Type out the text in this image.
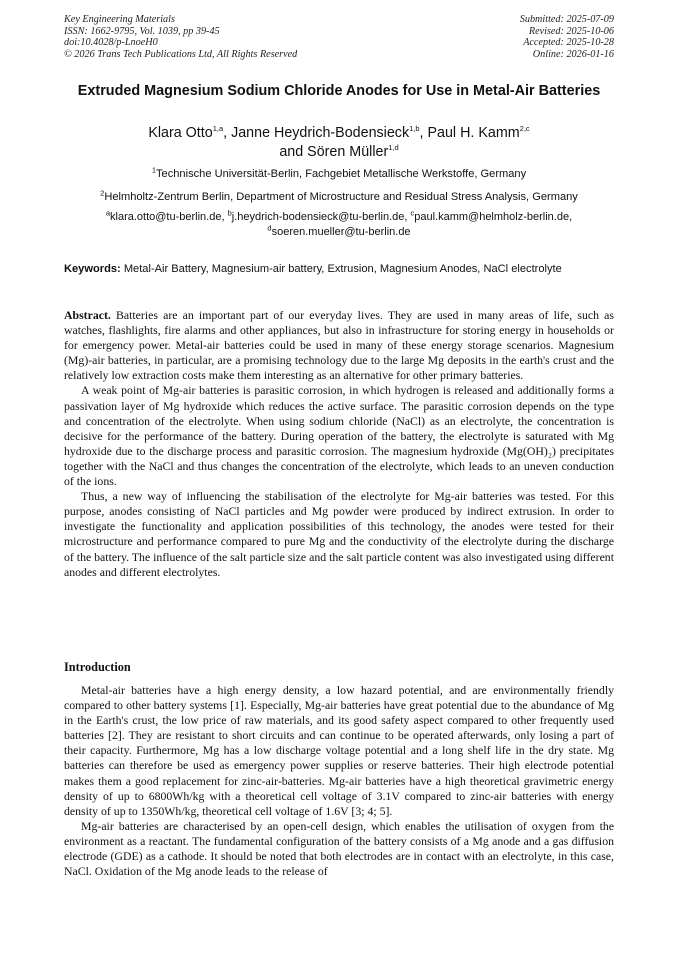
Key Engineering Materials
ISSN: 1662-9795, Vol. 1039, pp 39-45
doi:10.4028/p-LnoeH0
© 2026 Trans Tech Publications Ltd, All Rights Reserved
Submitted: 2025-07-09
Revised: 2025-10-06
Accepted: 2025-10-28
Online: 2026-01-16
Extruded Magnesium Sodium Chloride Anodes for Use in Metal-Air Batteries
Klara Otto$^{1,a}$, Janne Heydrich-Bodensieck$^{1,b}$, Paul H. Kamm$^{2,c}$
and Sören Müller$^{1,d}$
$^1$Technische Universität-Berlin, Fachgebiet Metallische Werkstoffe, Germany
$^2$Helmholtz-Zentrum Berlin, Department of Microstructure and Residual Stress Analysis, Germany
$^a$klara.otto@tu-berlin.de, $^b$j.heydrich-bodensieck@tu-berlin.de, $^c$paul.kamm@helmholz-berlin.de,
$^d$soeren.mueller@tu-berlin.de
Keywords: Metal-Air Battery, Magnesium-air battery, Extrusion, Magnesium Anodes, NaCl electrolyte

Abstract. Batteries are an important part of our everyday lives. They are used in many areas of life, such as watches, flashlights, fire alarms and other appliances, but also in infrastructure for storing energy in households or for emergency power. Metal-air batteries could be used in many of these energy storage scenarios. Magnesium (Mg)-air batteries, in particular, are a promising technology due to the large Mg deposits in the earth's crust and the relatively low extraction costs make them interesting as an alternative for other primary batteries.

A weak point of Mg-air batteries is parasitic corrosion, in which hydrogen is released and additionally forms a passivation layer of Mg hydroxide which reduces the active surface. The parasitic corrosion depends on the type and concentration of the electrolyte. When using sodium chloride (NaCl) as an electrolyte, the concentration is decisive for the performance of the battery. During operation of the battery, the electrolyte is saturated with Mg hydroxide due to the discharge process and parasitic corrosion. The magnesium hydroxide (Mg(OH)₂) precipitates together with the NaCl and thus changes the concentration of the electrolyte, which leads to an uneven conduction of the ions.

Thus, a new way of influencing the stabilisation of the electrolyte for Mg-air batteries was tested. For this purpose, anodes consisting of NaCl particles and Mg powder were produced by indirect extrusion. In order to investigate the functionality and application possibilities of this technology, the anodes were tested for their microstructure and performance compared to pure Mg and the conductivity of the electrolyte during the discharge of the battery. The influence of the salt particle size and the salt particle content was also investigated using different anodes and different electrolytes.

Introduction

Metal-air batteries have a high energy density, a low hazard potential, and are environmentally friendly compared to other battery systems [1]. Especially, Mg-air batteries have great potential due to the abundance of Mg in the Earth's crust, the low price of raw materials, and its good safety aspect compared to other frequently used batteries [2]. They are resistant to short circuits and can continue to be operated afterwards, only losing a part of their capacity. Furthermore, Mg has a low discharge voltage potential and a long shelf life in the dry state. Mg batteries can therefore be used as emergency power supplies or reserve batteries. Their high electrode potential makes them a good replacement for zinc-air-batteries. Mg-air batteries have a high theoretical gravimetric energy density of up to 6800Wh/kg with a theoretical cell voltage of 3.1V compared to zinc-air batteries with energy density of up to 1350Wh/kg, theoretical cell voltage of 1.6V [3; 4; 5].

Mg-air batteries are characterised by an open-cell design, which enables the utilisation of oxygen from the environment as a reactant. The fundamental configuration of the battery consists of a Mg anode and a gas diffusion electrode (GDE) as a cathode. It should be noted that both electrodes are in contact with an electrolyte, in this case, NaCl. Oxidation of the Mg anode leads to the release of
